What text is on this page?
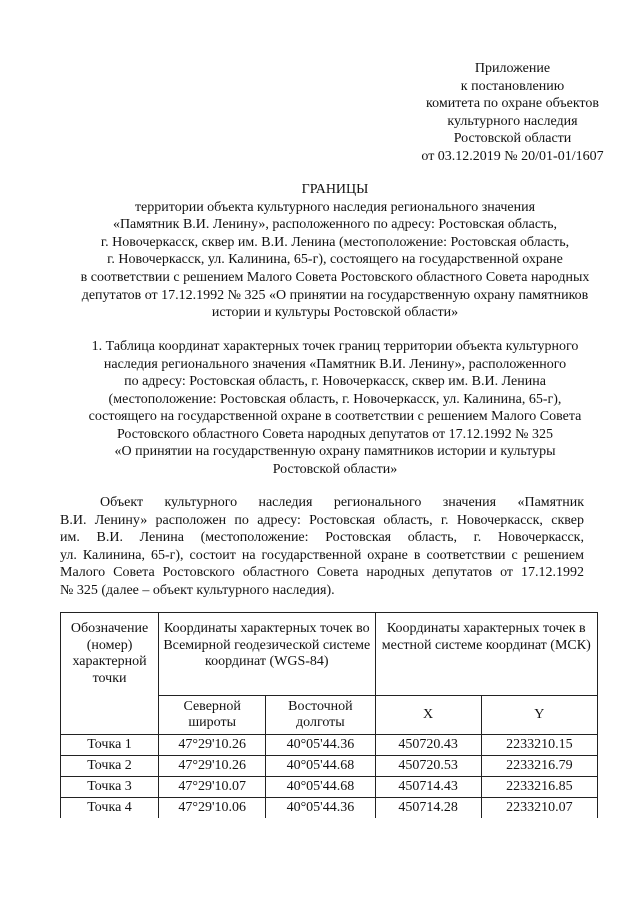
Приложение
к постановлению
комитета по охране объектов
культурного наследия
Ростовской области
от 03.12.2019 № 20/01-01/1607
ГРАНИЦЫ
территории объекта культурного наследия регионального значения
«Памятник В.И. Ленину», расположенного по адресу: Ростовская область,
г. Новочеркасск, сквер им. В.И. Ленина (местоположение: Ростовская область,
г. Новочеркасск, ул. Калинина, 65-г), состоящего на государственной охране
в соответствии с решением Малого Совета Ростовского областного Совета народных
депутатов от 17.12.1992 № 325 «О принятии на государственную охрану памятников
истории и культуры Ростовской области»
1. Таблица координат характерных точек границ территории объекта культурного
наследия регионального значения «Памятник В.И. Ленину», расположенного
по адресу: Ростовская область, г. Новочеркасск, сквер им. В.И. Ленина
(местоположение: Ростовская область, г. Новочеркасск, ул. Калинина, 65-г),
состоящего на государственной охране в соответствии с решением Малого Совета
Ростовского областного Совета народных депутатов от 17.12.1992 № 325
«О принятии на государственную охрану памятников истории и культуры
Ростовской области»
Объект культурного наследия регионального значения «Памятник
В.И. Ленину» расположен по адресу: Ростовская область, г. Новочеркасск, сквер
им. В.И. Ленина (местоположение: Ростовская область, г. Новочеркасск,
ул. Калинина, 65-г), состоит на государственной охране в соответствии с решением
Малого Совета Ростовского областного Совета народных депутатов от 17.12.1992
№ 325 (далее – объект культурного наследия).
Обозначение (номер) характерной точки	Координаты характерных точек во Всемирной геодезической системе координат (WGS-84)		Координаты характерных точек в местной системе координат (МСК)	
	Северной широты	Восточной долготы	X	Y
Точка 1	47°29'10.26	40°05'44.36	450720.43	2233210.15
Точка 2	47°29'10.26	40°05'44.68	450720.53	2233216.79
Точка 3	47°29'10.07	40°05'44.68	450714.43	2233216.85
Точка 4	47°29'10.06	40°05'44.36	450714.28	2233210.07
